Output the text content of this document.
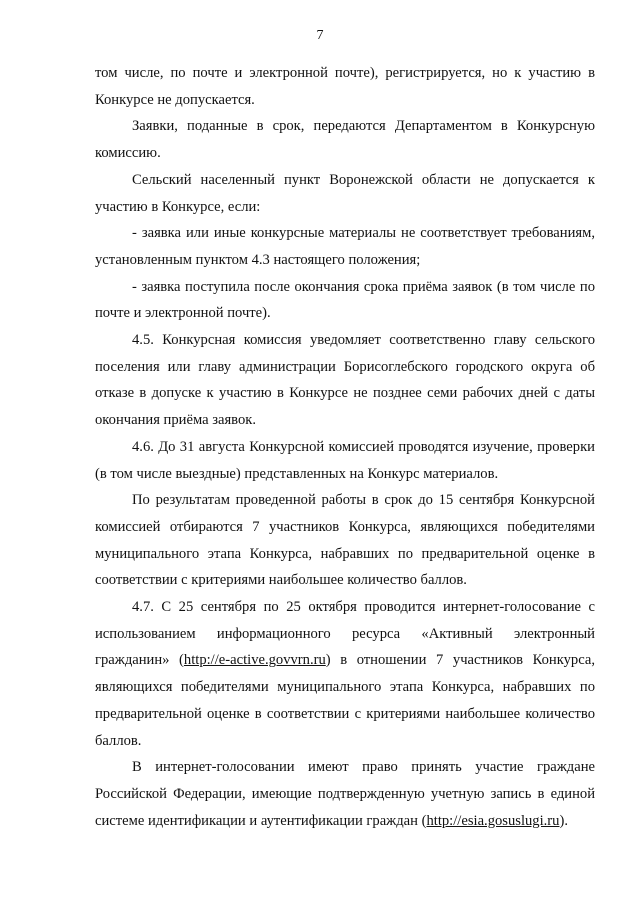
7

том числе, по почте и электронной почте), регистрируется, но к участию в Конкурсе не допускается.

Заявки, поданные в срок, передаются Департаментом в Конкурсную комиссию.

Сельский населенный пункт Воронежской области не допускается к участию в Конкурсе, если:

- заявка или иные конкурсные материалы не соответствует требованиям, установленным пунктом 4.3 настоящего положения;

- заявка поступила после окончания срока приёма заявок (в том числе по почте и электронной почте).

4.5. Конкурсная комиссия уведомляет соответственно главу сельского поселения или главу администрации Борисоглебского городского округа об отказе в допуске к участию в Конкурсе не позднее семи рабочих дней с даты окончания приёма заявок.

4.6. До 31 августа Конкурсной комиссией проводятся изучение, проверки (в том числе выездные) представленных на Конкурс материалов.

По результатам проведенной работы в срок до 15 сентября Конкурсной комиссией отбираются 7 участников Конкурса, являющихся победителями муниципального этапа Конкурса, набравших по предварительной оценке в соответствии с критериями наибольшее количество баллов.

4.7. С 25 сентября по 25 октября проводится интернет-голосование с использованием информационного ресурса «Активный электронный гражданин» (http://e-active.govvrn.ru) в отношении 7 участников Конкурса, являющихся победителями муниципального этапа Конкурса, набравших по предварительной оценке в соответствии с критериями наибольшее количество баллов.

В интернет-голосовании имеют право принять участие граждане Российской Федерации, имеющие подтвержденную учетную запись в единой системе идентификации и аутентификации граждан (http://esia.gosuslugi.ru).
